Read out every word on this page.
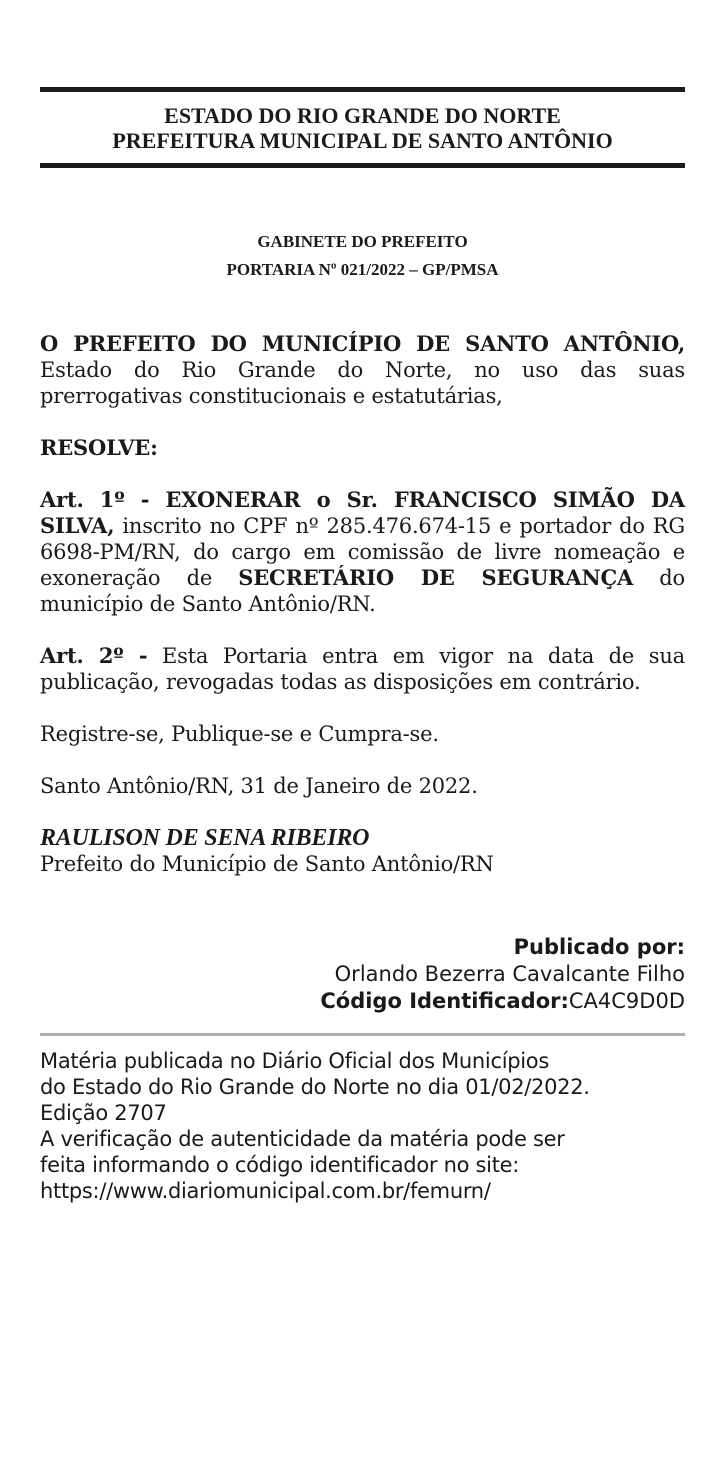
ESTADO DO RIO GRANDE DO NORTE
PREFEITURA MUNICIPAL DE SANTO ANTÔNIO
GABINETE DO PREFEITO
PORTARIA Nº 021/2022 – GP/PMSA
O PREFEITO DO MUNICÍPIO DE SANTO ANTÔNIO, Estado do Rio Grande do Norte, no uso das suas prerrogativas constitucionais e estatutárias,
RESOLVE:
Art. 1º - EXONERAR o Sr. FRANCISCO SIMÃO DA SILVA, inscrito no CPF nº 285.476.674-15 e portador do RG 6698-PM/RN, do cargo em comissão de livre nomeação e exoneração de SECRETÁRIO DE SEGURANÇA do município de Santo Antônio/RN.
Art. 2º - Esta Portaria entra em vigor na data de sua publicação, revogadas todas as disposições em contrário.
Registre-se, Publique-se e Cumpra-se.
Santo Antônio/RN, 31 de Janeiro de 2022.
RAULISON DE SENA RIBEIRO
Prefeito do Município de Santo Antônio/RN
Publicado por:
Orlando Bezerra Cavalcante Filho
Código Identificador:CA4C9D0D
Matéria publicada no Diário Oficial dos Municípios
do Estado do Rio Grande do Norte no dia 01/02/2022.
Edição 2707
A verificação de autenticidade da matéria pode ser
feita informando o código identificador no site:
https://www.diariomunicipal.com.br/femurn/
